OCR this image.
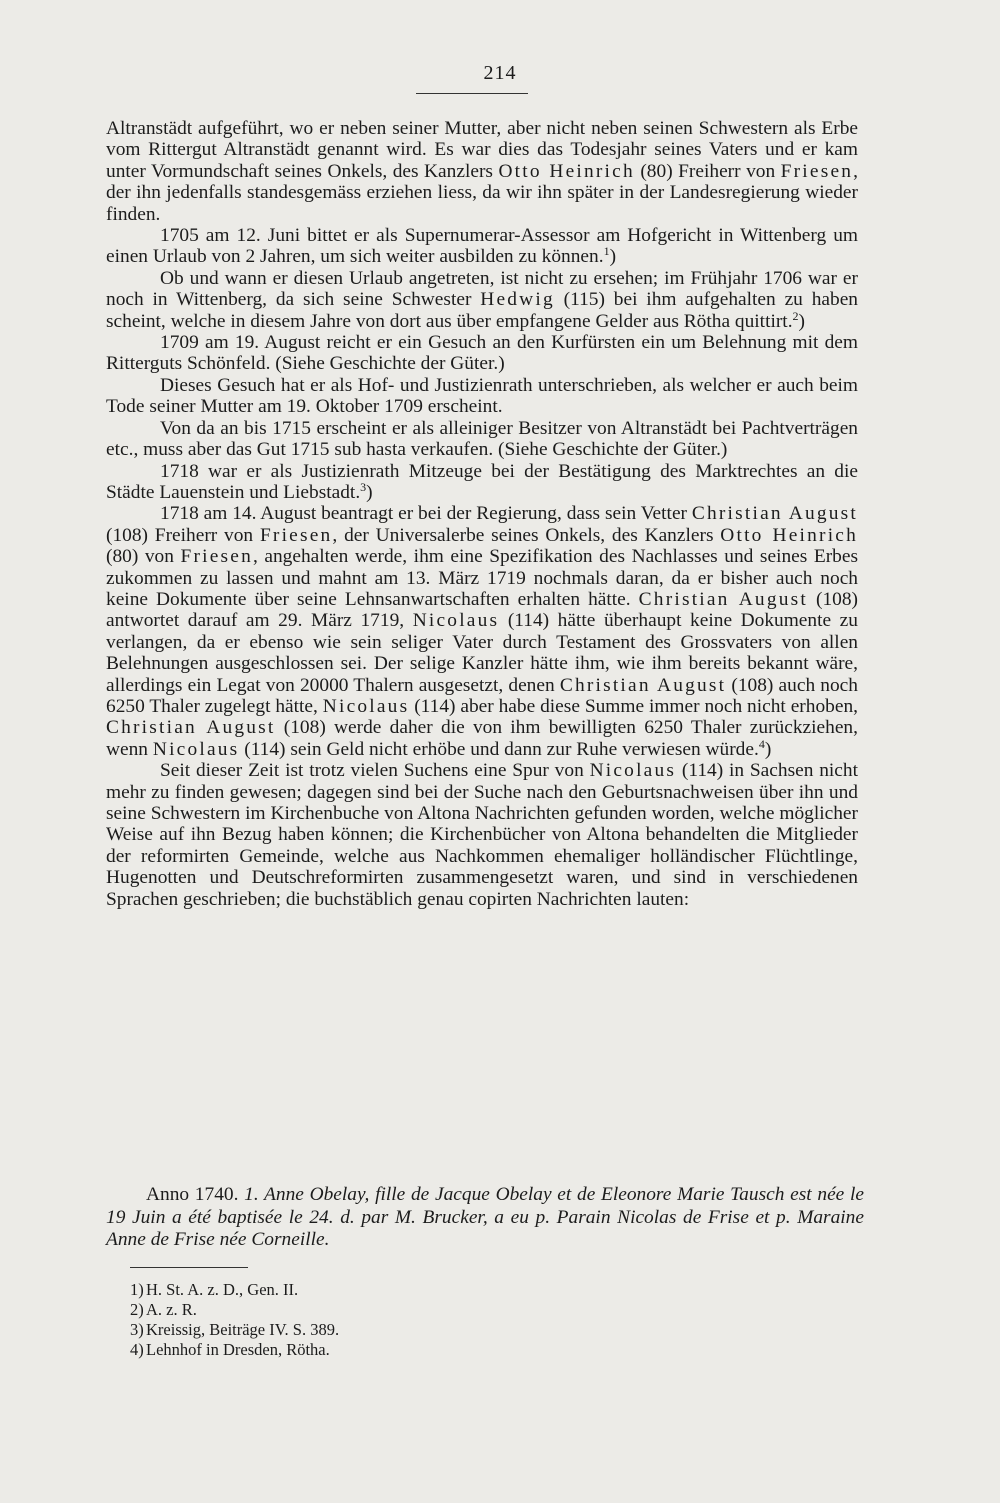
214

Altranstädt aufgeführt, wo er neben seiner Mutter, aber nicht neben seinen Schwestern als Erbe vom Rittergut Altranstädt genannt wird. Es war dies das Todesjahr seines Vaters und er kam unter Vormundschaft seines Onkels, des Kanzlers Otto Heinrich (80) Freiherr von Friesen, der ihn jedenfalls standesgemäss erziehen liess, da wir ihn später in der Landesregierung wieder finden.

1705 am 12. Juni bittet er als Supernumerar-Assessor am Hofgericht in Wittenberg um einen Urlaub von 2 Jahren, um sich weiter ausbilden zu können.$^1$)

Ob und wann er diesen Urlaub angetreten, ist nicht zu ersehen; im Frühjahr 1706 war er noch in Wittenberg, da sich seine Schwester Hedwig (115) bei ihm aufgehalten zu haben scheint, welche in diesem Jahre von dort aus über empfangene Gelder aus Rötha quittirt.$^2$)

1709 am 19. August reicht er ein Gesuch an den Kurfürsten ein um Belehnung mit dem Ritterguts Schönfeld. (Siehe Geschichte der Güter.)

Dieses Gesuch hat er als Hof- und Justizienrath unterschrieben, als welcher er auch beim Tode seiner Mutter am 19. Oktober 1709 erscheint.

Von da an bis 1715 erscheint er als alleiniger Besitzer von Altranstädt bei Pachtverträgen etc., muss aber das Gut 1715 sub hasta verkaufen. (Siehe Geschichte der Güter.)

1718 war er als Justizienrath Mitzeuge bei der Bestätigung des Marktrechtes an die Städte Lauenstein und Liebstadt.$^3$)

1718 am 14. August beantragt er bei der Regierung, dass sein Vetter Christian August (108) Freiherr von Friesen, der Universalerbe seines Onkels, des Kanzlers Otto Heinrich (80) von Friesen, angehalten werde, ihm eine Spezifikation des Nachlasses und seines Erbes zukommen zu lassen und mahnt am 13. März 1719 nochmals daran, da er bisher auch noch keine Dokumente über seine Lehnsanwartschaften erhalten hätte. Christian August (108) antwortet darauf am 29. März 1719, Nicolaus (114) hätte überhaupt keine Dokumente zu verlangen, da er ebenso wie sein seliger Vater durch Testament des Grossvaters von allen Belehnungen ausgeschlossen sei. Der selige Kanzler hätte ihm, wie ihm bereits bekannt wäre, allerdings ein Legat von 20000 Thalern ausgesetzt, denen Christian August (108) auch noch 6250 Thaler zugelegt hätte, Nicolaus (114) aber habe diese Summe immer noch nicht erhoben, Christian August (108) werde daher die von ihm bewilligten 6250 Thaler zurückziehen, wenn Nicolaus (114) sein Geld nicht erhöbe und dann zur Ruhe verwiesen würde.$^4$)

Seit dieser Zeit ist trotz vielen Suchens eine Spur von Nicolaus (114) in Sachsen nicht mehr zu finden gewesen; dagegen sind bei der Suche nach den Geburtsnachweisen über ihn und seine Schwestern im Kirchenbuche von Altona Nachrichten gefunden worden, welche möglicher Weise auf ihn Bezug haben können; die Kirchenbücher von Altona behandelten die Mitglieder der reformirten Gemeinde, welche aus Nachkommen ehemaliger holländischer Flüchtlinge, Hugenotten und Deutschreformirten zusammengesetzt waren, und sind in verschiedenen Sprachen geschrieben; die buchstäblich genau copirten Nachrichten lauten:

Anno 1740. 1. Anne Obelay, fille de Jacque Obelay et de Eleonore Marie Tausch est née le 19 Juin a été baptisée le 24. d. par M. Brucker, a eu p. Parain Nicolas de Frise et p. Maraine Anne de Frise née Corneille.

1) H. St. A. z. D., Gen. II.
2) A. z. R.
3) Kreissig, Beiträge IV. S. 389.
4) Lehnhof in Dresden, Rötha.
